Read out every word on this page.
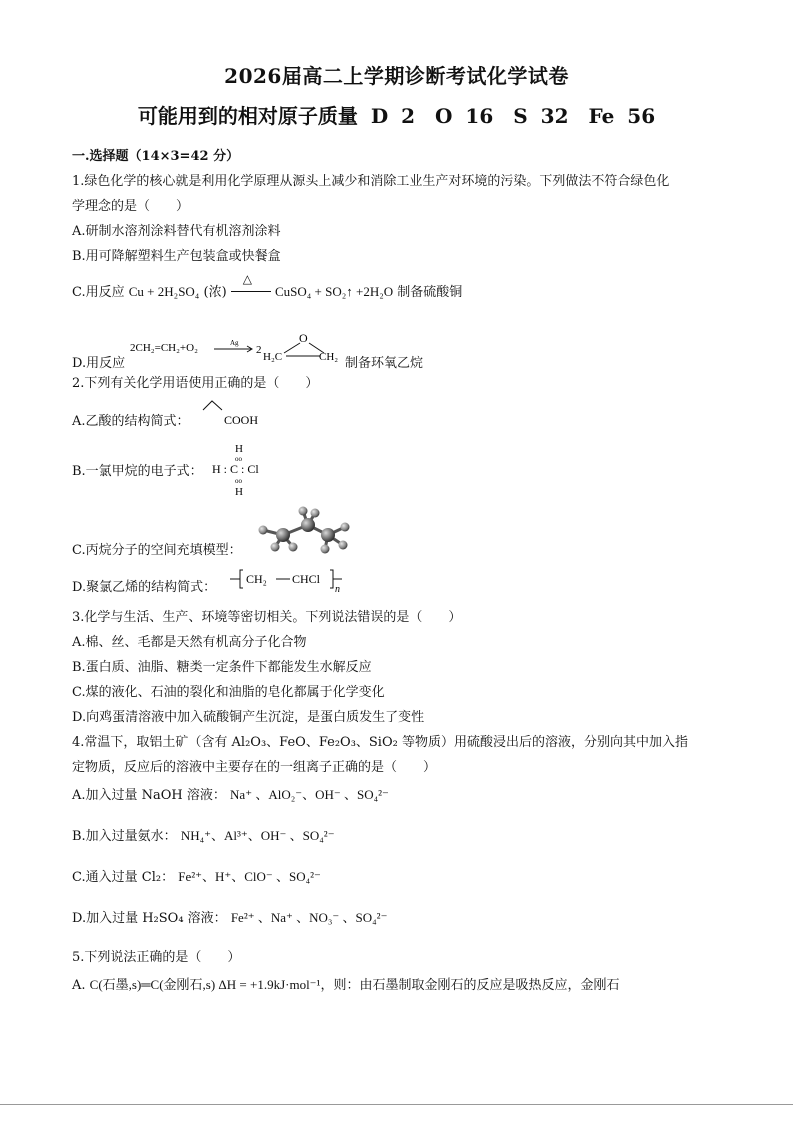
2026届高二上学期诊断考试化学试卷
可能用到的相对原子质量 D 2　O 16　S 32　Fe 56
一.选择题（14×3=42 分）
1.绿色化学的核心就是利用化学原理从源头上减少和消除工业生产对环境的污染。下列做法不符合绿色化
学理念的是（　　）
A.研制水溶剂涂料替代有机溶剂涂料
B.用可降解塑料生产包装盒或快餐盒
C.用反应 Cu + 2H₂SO₄ (浓)
△
CuSO₄ + SO₂↑ +2H₂O 制备硫酸铜
D.用反应
2CH₂=CH₂+O₂	Ag
2
H₂C
O
CH₂ 制备环氧乙烷
2.下列有关化学用语使用正确的是（　　）
A.乙酸的结构简式：	COOH
B.一氯甲烷的电子式：
H
oo
H : C : Cl
oo
H
C.丙烷分子的空间充填模型：
D.聚氯乙烯的结构简式：
CH₂ CHCl
n
3.化学与生活、生产、环境等密切相关。下列说法错误的是（　　）
A.棉、丝、毛都是天然有机高分子化合物
B.蛋白质、油脂、糖类一定条件下都能发生水解反应
C.煤的液化、石油的裂化和油脂的皂化都属于化学变化
D.向鸡蛋清溶液中加入硫酸铜产生沉淀，是蛋白质发生了变性
4.常温下，取铝土矿（含有 Al₂O₃、FeO、Fe₂O₃、SiO₂ 等物质）用硫酸浸出后的溶液，分别向其中加入指
定物质，反应后的溶液中主要存在的一组离子正确的是（　　）
A.加入过量 NaOH 溶液： Na⁺ 、AlO₂⁻、OH⁻ 、SO₄²⁻
B.加入过量氨水： NH₄⁺、Al³⁺、OH⁻ 、SO₄²⁻
C.通入过量 Cl₂： Fe²⁺、H⁺、ClO⁻ 、SO₄²⁻
D.加入过量 H₂SO₄ 溶液： Fe²⁺ 、Na⁺ 、NO₃⁻ 、SO₄²⁻
5.下列说法正确的是（　　）
A. C(石墨,s)═C(金刚石,s) ΔH = +1.9kJ·mol⁻¹，则：由石墨制取金刚石的反应是吸热反应，金刚石
